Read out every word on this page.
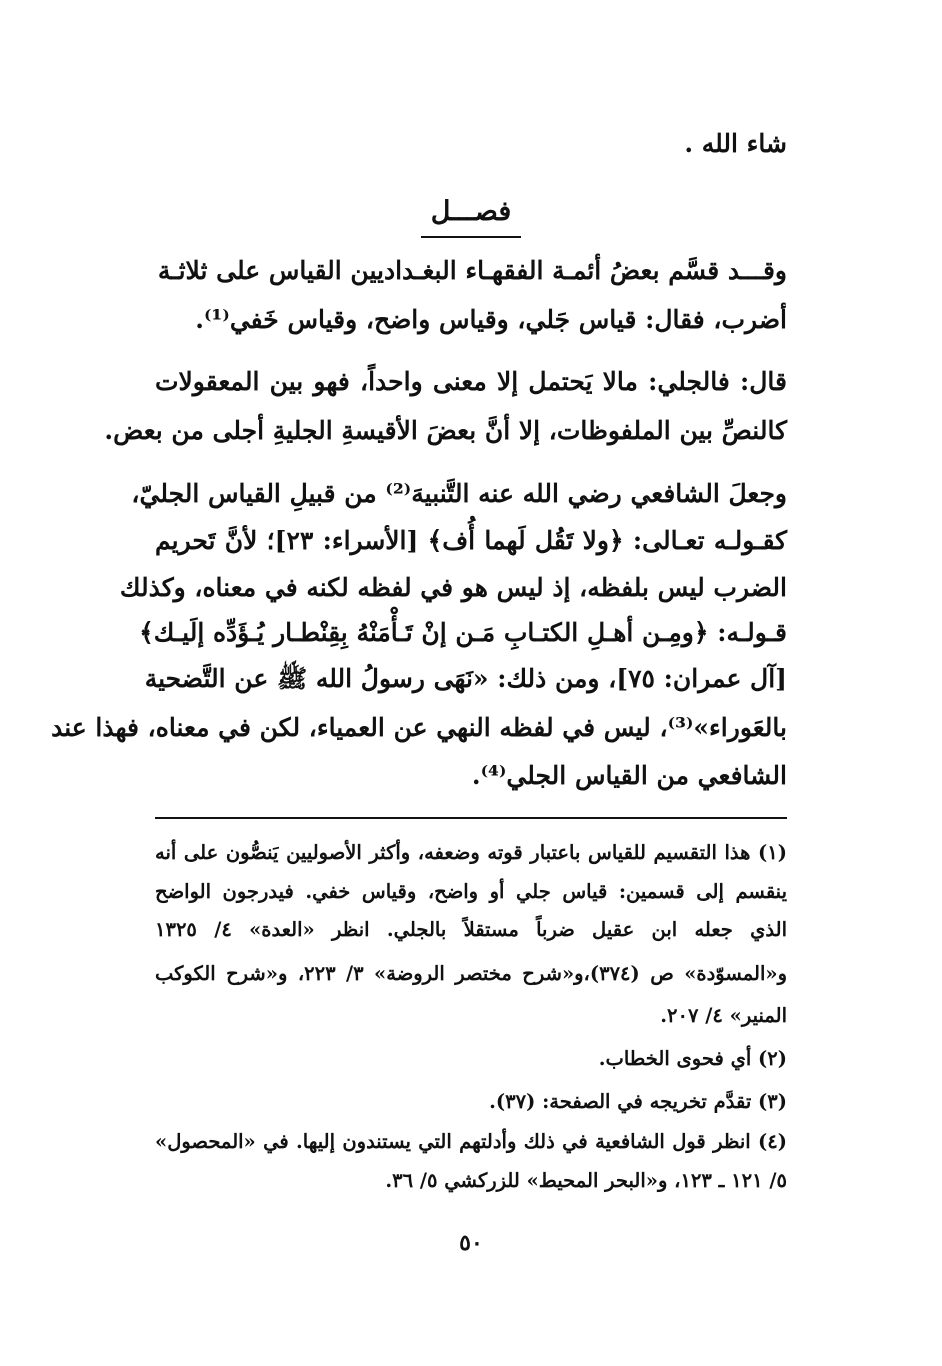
شاء الله .
فصـــل
وقـــد قسَّم بعضُ أئمـة الفقهـاء البغـداديين القياس على ثلاثـة
أضرب، فقال: قياس جَلي، وقياس واضح، وقياس خَفي⁽¹⁾.
قال: فالجلي: مالا يَحتمل إلا معنى واحداً، فهو بين المعقولات
كالنصِّ بين الملفوظات، إلا أنَّ بعضَ الأقيسةِ الجليةِ أجلى من بعض.
وجعلَ الشافعي رضي الله عنه التَّنبيهَ⁽²⁾ من قبيلِ القياس الجليّ،
كقـولـه تعـالى: ﴿ولا تَقُل لَهما أُف﴾ [الأسراء: ٢٣]؛ لأنَّ تَحريم
الضرب ليس بلفظه، إذ ليس هو في لفظه لكنه في معناه، وكذلك
قـولـه: ﴿ومِـن أهـلِ الكتـابِ مَـن إنْ تَـأْمَنْهُ بِقِنْطـار يُـؤَدِّه إلَيـك﴾
[آل عمران: ٧٥]، ومن ذلك: «نَهَى رسولُ الله ﷺ عن التَّضحية
بالعَوراء»⁽³⁾، ليس في لفظه النهي عن العمياء، لكن في معناه، فهذا عند
الشافعي من القياس الجلي⁽⁴⁾.
(١) هذا التقسيم للقياس باعتبار قوته وضعفه، وأكثر الأصوليين يَنصُّون على أنه
ينقسم إلى قسمين: قياس جلي أو واضح، وقياس خفي. فيدرجون الواضح
الذي جعله ابن عقيل ضرباً مستقلاً بالجلي. انظر «العدة» ٤/ ١٣٢٥
و«المسوّدة» ص (٣٧٤)،و«شرح مختصر الروضة» ٣/ ٢٢٣، و«شرح الكوكب
المنير» ٤/ ٢٠٧.
(٢) أي فحوى الخطاب.
(٣) تقدَّم تخريجه في الصفحة: (٣٧).
(٤) انظر قول الشافعية في ذلك وأدلتهم التي يستندون إليها. في «المحصول»
٥/ ١٢١ ـ ١٢٣، و«البحر المحيط» للزركشي ٥/ ٣٦.
٥٠
